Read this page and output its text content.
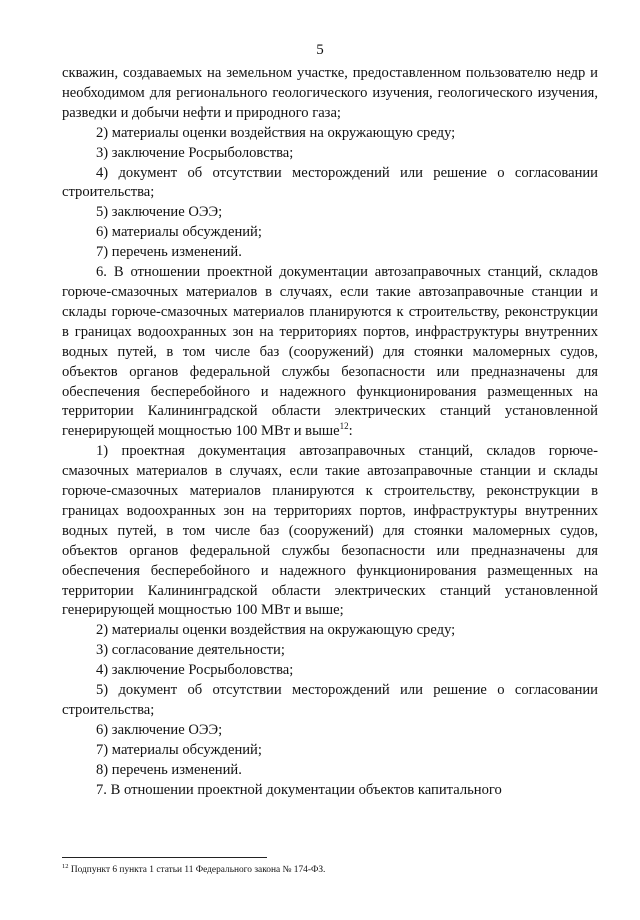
5

скважин, создаваемых на земельном участке, предоставленном пользователю недр и необходимом для регионального геологического изучения, геологического изучения, разведки и добычи нефти и природного газа;

2) материалы оценки воздействия на окружающую среду;

3) заключение Росрыболовства;

4) документ об отсутствии месторождений или решение о согласовании строительства;

5) заключение ОЭЭ;

6) материалы обсуждений;

7) перечень изменений.

6. В отношении проектной документации автозаправочных станций, складов горюче-смазочных материалов в случаях, если такие автозаправочные станции и склады горюче-смазочных материалов планируются к строительству, реконструкции в границах водоохранных зон на территориях портов, инфраструктуры внутренних водных путей, в том числе баз (сооружений) для стоянки маломерных судов, объектов органов федеральной службы безопасности или предназначены для обеспечения бесперебойного и надежного функционирования размещенных на территории Калининградской области электрических станций установленной генерирующей мощностью 100 МВт и выше$^{12}$:

1) проектная документация автозаправочных станций, складов горюче-смазочных материалов в случаях, если такие автозаправочные станции и склады горюче-смазочных материалов планируются к строительству, реконструкции в границах водоохранных зон на территориях портов, инфраструктуры внутренних водных путей, в том числе баз (сооружений) для стоянки маломерных судов, объектов органов федеральной службы безопасности или предназначены для обеспечения бесперебойного и надежного функционирования размещенных на территории Калининградской области электрических станций установленной генерирующей мощностью 100 МВт и выше;

2) материалы оценки воздействия на окружающую среду;

3) согласование деятельности;

4) заключение Росрыболовства;

5) документ об отсутствии месторождений или решение о согласовании строительства;

6) заключение ОЭЭ;

7) материалы обсуждений;

8) перечень изменений.

7. В отношении проектной документации объектов капитального

$^{12}$ Подпункт 6 пункта 1 статьи 11 Федерального закона № 174-ФЗ.
